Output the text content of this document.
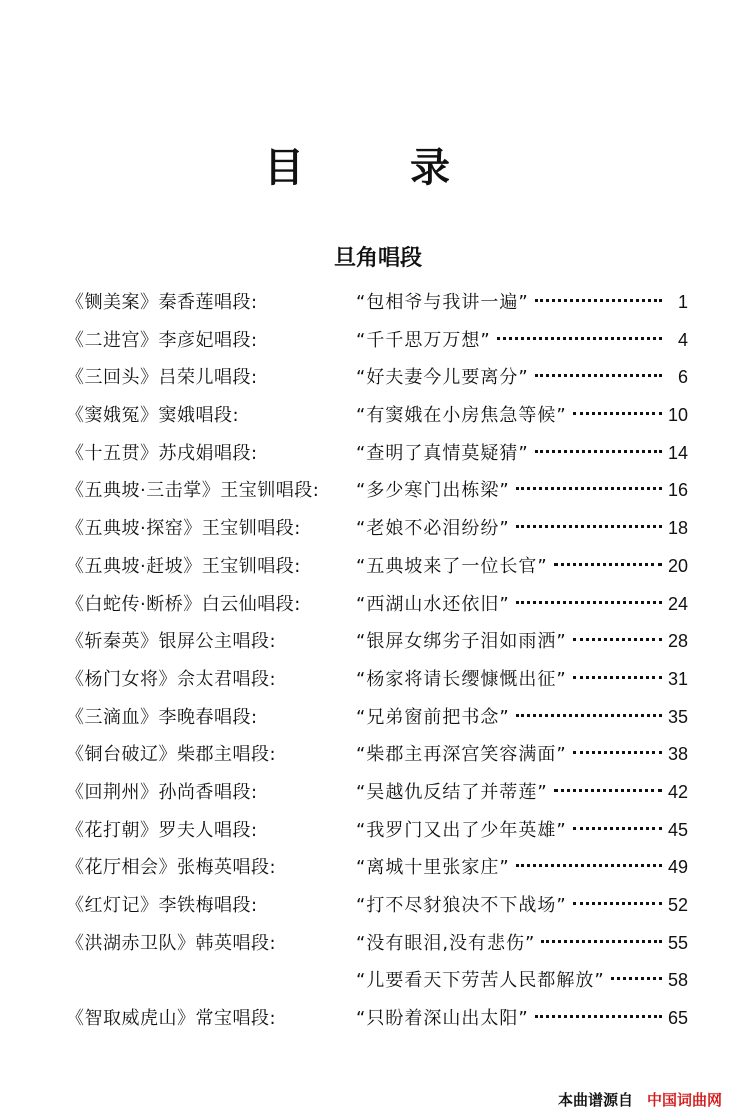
目 录
旦角唱段
《铡美案》秦香莲唱段:	“包相爷与我讲一遍”	1
《二进宫》李彦妃唱段:	“千千思万万想”	4
《三回头》吕荣儿唱段:	“好夫妻今儿要离分”	6
《窦娥冤》窦娥唱段:	“有窦娥在小房焦急等候”	10
《十五贯》苏戌娟唱段:	“查明了真情莫疑猜”	14
《五典坡·三击掌》王宝钏唱段: “多少寒门出栋梁”	16
《五典坡·探窑》王宝钏唱段:	“老娘不必泪纷纷”	18
《五典坡·赶坡》王宝钏唱段:	“五典坡来了一位长官”	20
《白蛇传·断桥》白云仙唱段:	“西湖山水还依旧”	24
《斩秦英》银屏公主唱段:	“银屏女绑劣子泪如雨洒”	28
《杨门女将》佘太君唱段:	“杨家将请长缨慷慨出征”	31
《三滴血》李晚春唱段:	“兄弟窗前把书念”	35
《铜台破辽》柴郡主唱段:	“柴郡主再深宫笑容满面”	38
《回荆州》孙尚香唱段:	“吴越仇反结了并蒂莲”	42
《花打朝》罗夫人唱段:	“我罗门又出了少年英雄”	45
《花厅相会》张梅英唱段:	“离城十里张家庄”	49
《红灯记》李铁梅唱段:	“打不尽豺狼决不下战场”	52
《洪湖赤卫队》韩英唱段:	“没有眼泪,没有悲伤”	55
“儿要看天下劳苦人民都解放”	58
《智取威虎山》常宝唱段:	“只盼着深山出太阳”	65
本曲谱源自 中国词曲网
